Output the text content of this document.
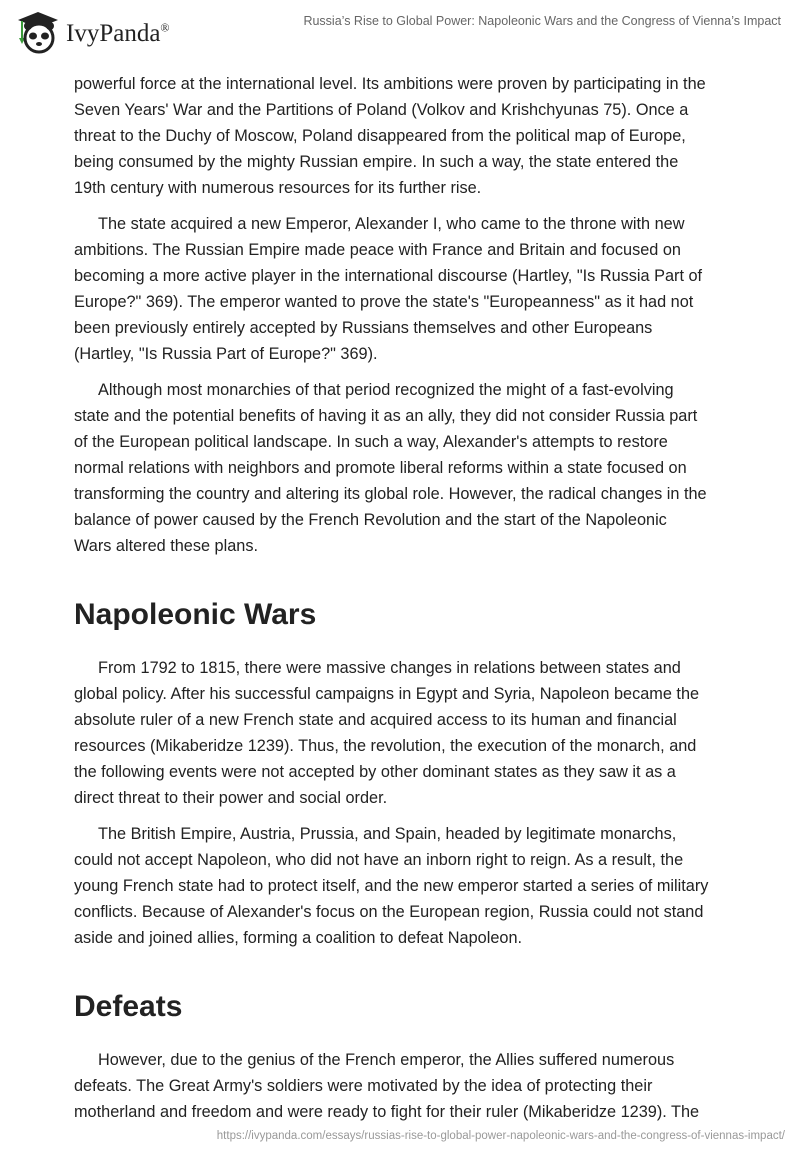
IvyPanda®	Russia’s Rise to Global Power: Napoleonic Wars and the Congress of Vienna’s Impact

powerful force at the international level. Its ambitions were proven by participating in the
Seven Years' War and the Partitions of Poland (Volkov and Krishchyunas 75). Once a
threat to the Duchy of Moscow, Poland disappeared from the political map of Europe,
being consumed by the mighty Russian empire. In such a way, the state entered the
19th century with numerous resources for its further rise.

The state acquired a new Emperor, Alexander I, who came to the throne with new
ambitions. The Russian Empire made peace with France and Britain and focused on
becoming a more active player in the international discourse (Hartley, "Is Russia Part of
Europe?" 369). The emperor wanted to prove the state's "Europeanness" as it had not
been previously entirely accepted by Russians themselves and other Europeans
(Hartley, "Is Russia Part of Europe?" 369).

Although most monarchies of that period recognized the might of a fast-evolving
state and the potential benefits of having it as an ally, they did not consider Russia part
of the European political landscape. In such a way, Alexander's attempts to restore
normal relations with neighbors and promote liberal reforms within a state focused on
transforming the country and altering its global role. However, the radical changes in the
balance of power caused by the French Revolution and the start of the Napoleonic
Wars altered these plans.

Napoleonic Wars

From 1792 to 1815, there were massive changes in relations between states and
global policy. After his successful campaigns in Egypt and Syria, Napoleon became the
absolute ruler of a new French state and acquired access to its human and financial
resources (Mikaberidze 1239). Thus, the revolution, the execution of the monarch, and
the following events were not accepted by other dominant states as they saw it as a
direct threat to their power and social order.

The British Empire, Austria, Prussia, and Spain, headed by legitimate monarchs,
could not accept Napoleon, who did not have an inborn right to reign. As a result, the
young French state had to protect itself, and the new emperor started a series of military
conflicts. Because of Alexander's focus on the European region, Russia could not stand
aside and joined allies, forming a coalition to defeat Napoleon.

Defeats

However, due to the genius of the French emperor, the Allies suffered numerous
defeats. The Great Army's soldiers were motivated by the idea of protecting their
motherland and freedom and were ready to fight for their ruler (Mikaberidze 1239). The

https://ivypanda.com/essays/russias-rise-to-global-power-napoleonic-wars-and-the-congress-of-viennas-impact/
